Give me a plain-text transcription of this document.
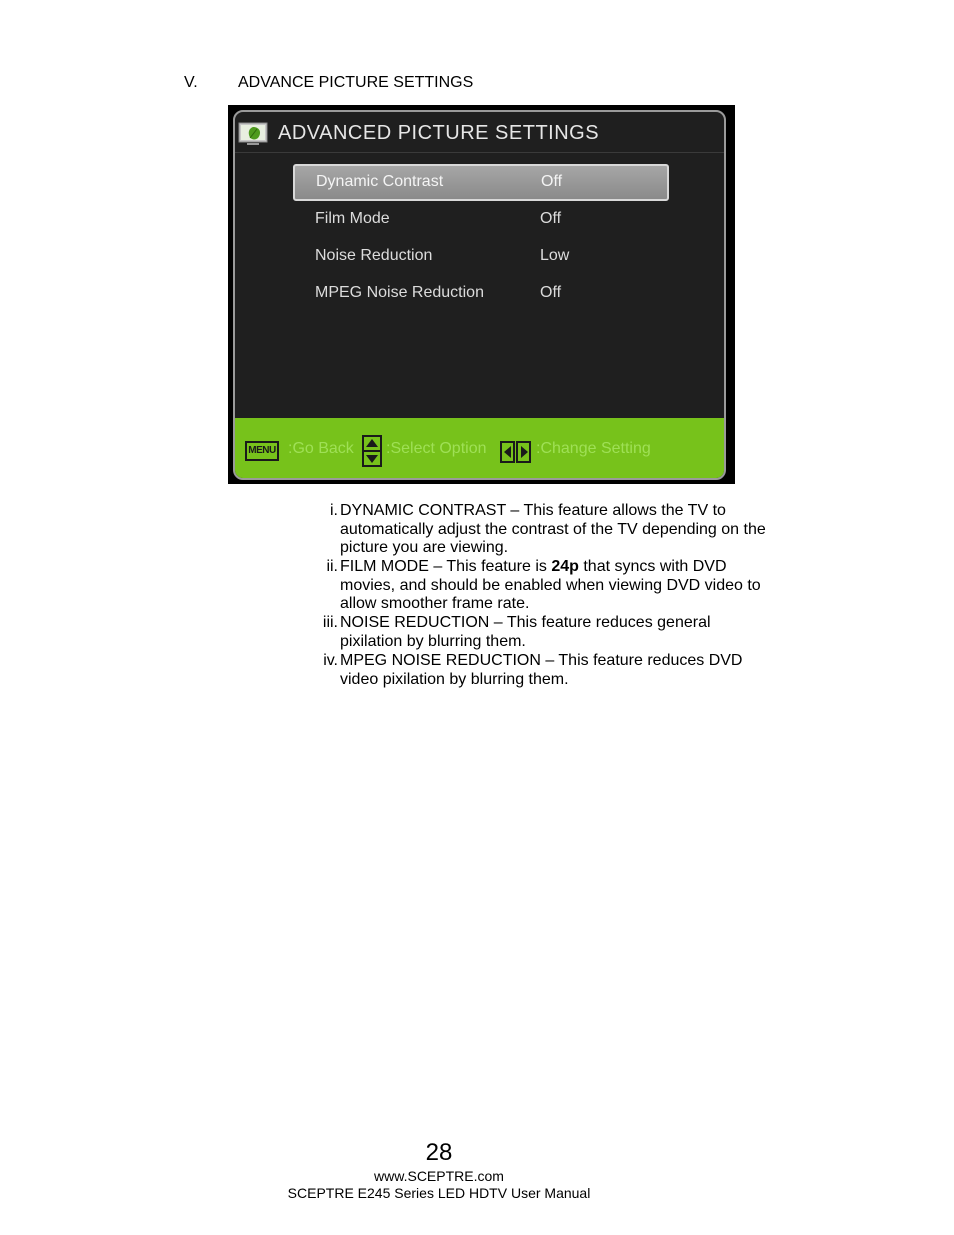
V.	ADVANCE PICTURE SETTINGS
ADVANCED PICTURE SETTINGS
Dynamic Contrast	Off
Film Mode	Off
Noise Reduction	Low
MPEG Noise Reduction	Off
MENU :Go Back :Select Option	:Change Setting
i. DYNAMIC CONTRAST – This feature allows the TV to automatically adjust the contrast of the TV depending on the picture you are viewing.
ii. FILM MODE – This feature is 24p that syncs with DVD movies, and should be enabled when viewing DVD video to allow smoother frame rate.
iii. NOISE REDUCTION – This feature reduces general pixilation by blurring them.
iv. MPEG NOISE REDUCTION – This feature reduces DVD video pixilation by blurring them.
28
www.SCEPTRE.com
SCEPTRE E245 Series LED HDTV User Manual
